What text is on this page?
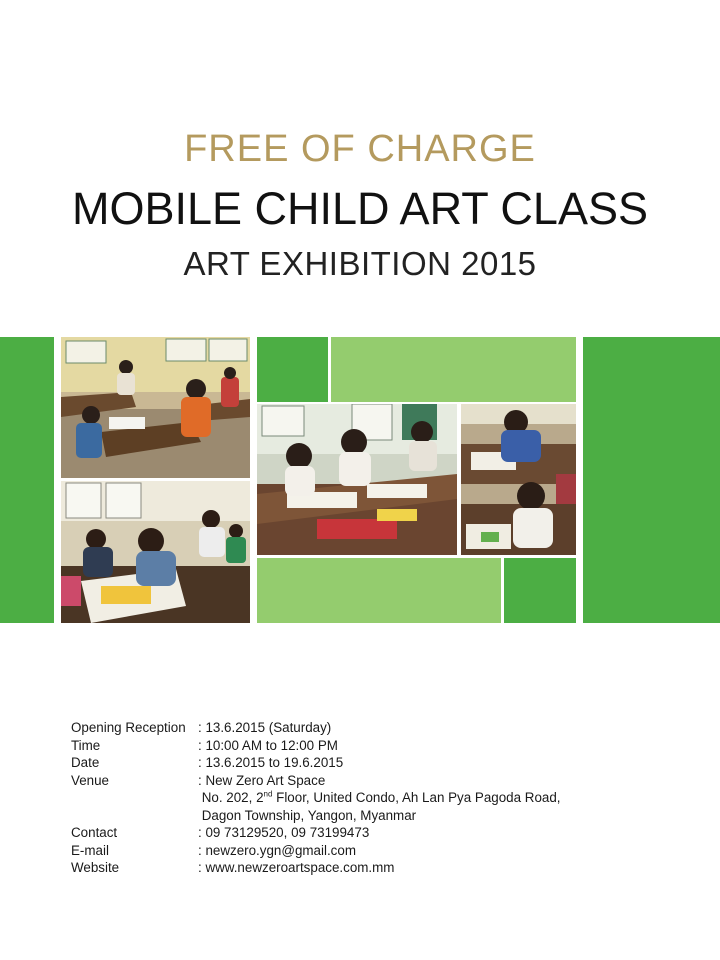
FREE OF CHARGE
MOBILE CHILD ART CLASS
ART EXHIBITION 2015
Opening Reception : 13.6.2015 (Saturday)
Time	: 10:00 AM to 12:00 PM
Date	: 13.6.2015 to 19.6.2015
Venue	: New Zero Art Space
No. 202, 2nd Floor, United Condo, Ah Lan Pya Pagoda Road,
Dagon Township, Yangon, Myanmar
Contact	: 09 73129520, 09 73199473
E-mail	: newzero.ygn@gmail.com
Website	: www.newzeroartspace.com.mm
